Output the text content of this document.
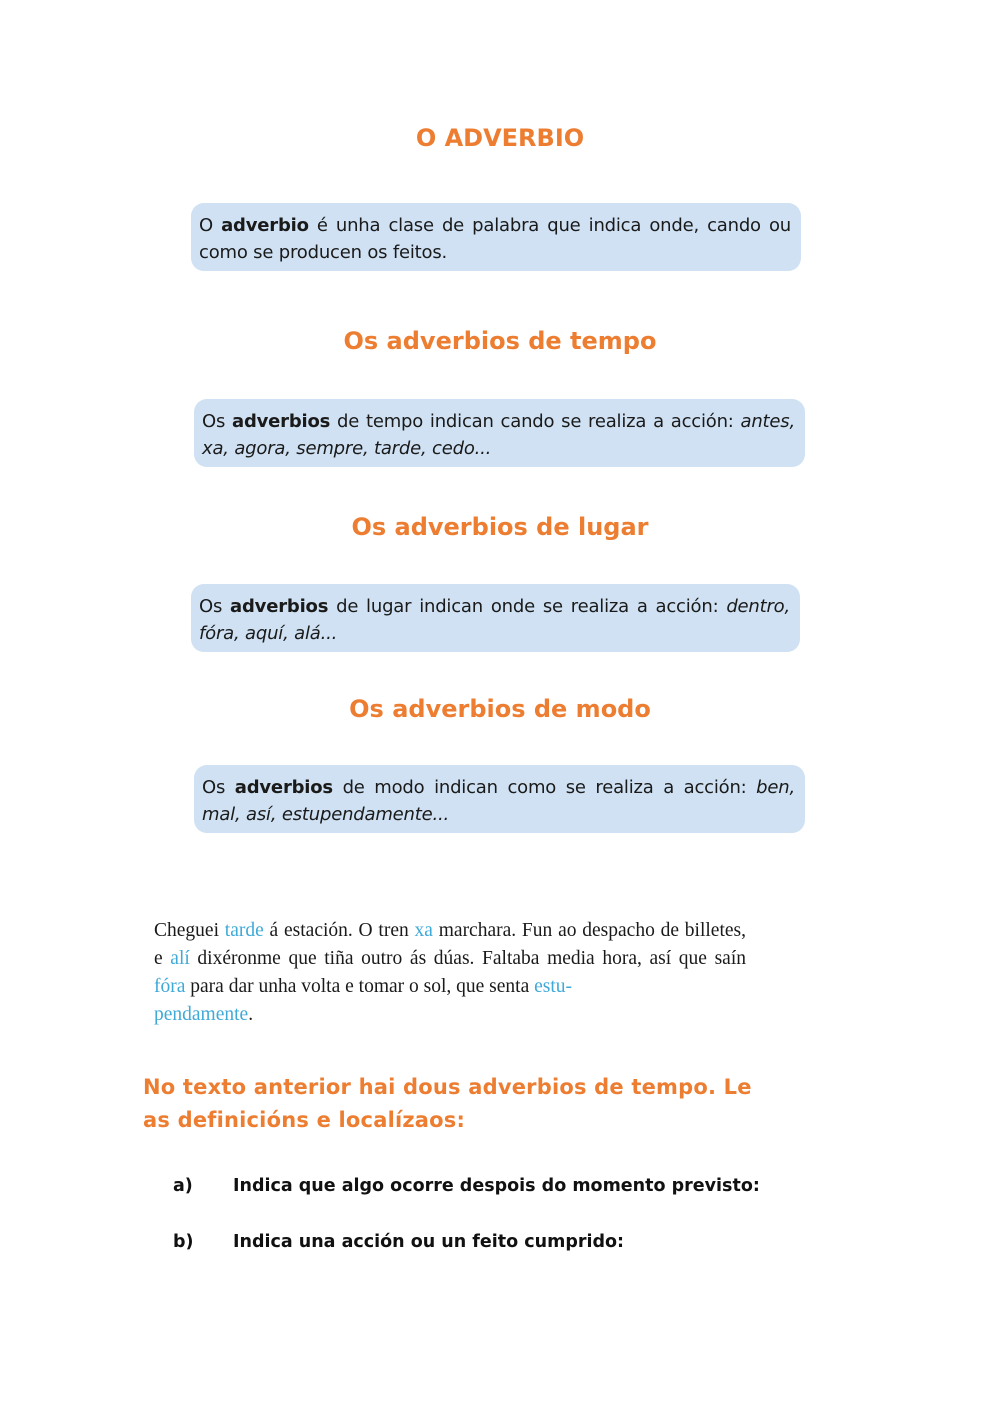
O ADVERBIO
O adverbio é unha clase de palabra que indica onde, cando ou como se producen os feitos.
Os adverbios de tempo
Os adverbios de tempo indican cando se realiza a acción: antes, xa, agora, sempre, tarde, cedo...
Os adverbios de lugar
Os adverbios de lugar indican onde se realiza a acción: dentro, fóra, aquí, alá...
Os adverbios de modo
Os adverbios de modo indican como se realiza a acción: ben, mal, así, estupendamente...
Cheguei tarde á estación. O tren xa marchara. Fun ao despacho de billetes, e alí dixéronme que tiña outro ás dúas. Faltaba media hora, así que saín fóra para dar unha volta e tomar o sol, que senta estu-
pendamente.
No texto anterior hai dous adverbios de tempo. Le as definicións e localízaos:
a) Indica que algo ocorre despois do momento previsto:
b) Indica una acción ou un feito cumprido:
